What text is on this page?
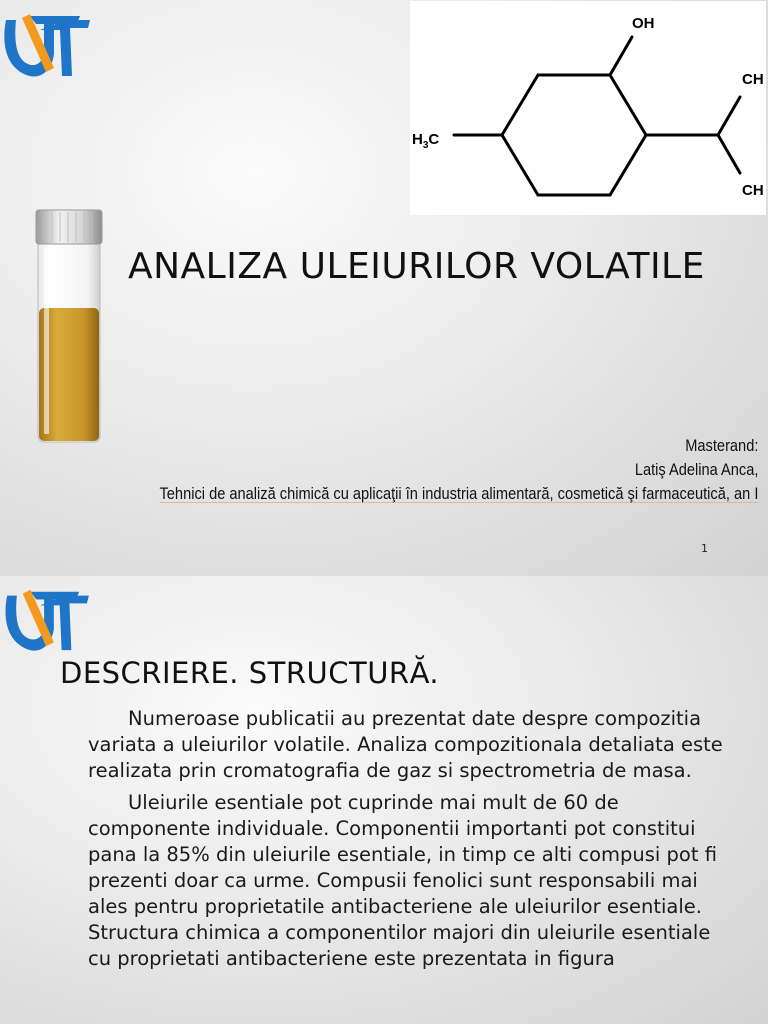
OH
$H_3C$
CH
CH
ANALIZA ULEIURILOR VOLATILE
Masterand:
Latiş Adelina Anca,
Tehnici de analiză chimică cu aplicaţii în industria alimentară, cosmetică şi farmaceutică, an I
1
DESCRIERE. STRUCTURĂ.

Numeroase publicatii au prezentat date despre compozitia variata a uleiurilor volatile. Analiza compozitionala detaliata este realizata prin cromatografia de gaz si spectrometria de masa.

Uleiurile esentiale pot cuprinde mai mult de 60 de componente individuale. Componentii importanti pot constitui pana la 85% din uleiurile esentiale, in timp ce alti compusi pot fi prezenti doar ca urme. Compusii fenolici sunt responsabili mai ales pentru proprietatile antibacteriene ale uleiurilor esentiale. Structura chimica a componentilor majori din uleiurile esentiale cu proprietati antibacteriene este prezentata in figura
